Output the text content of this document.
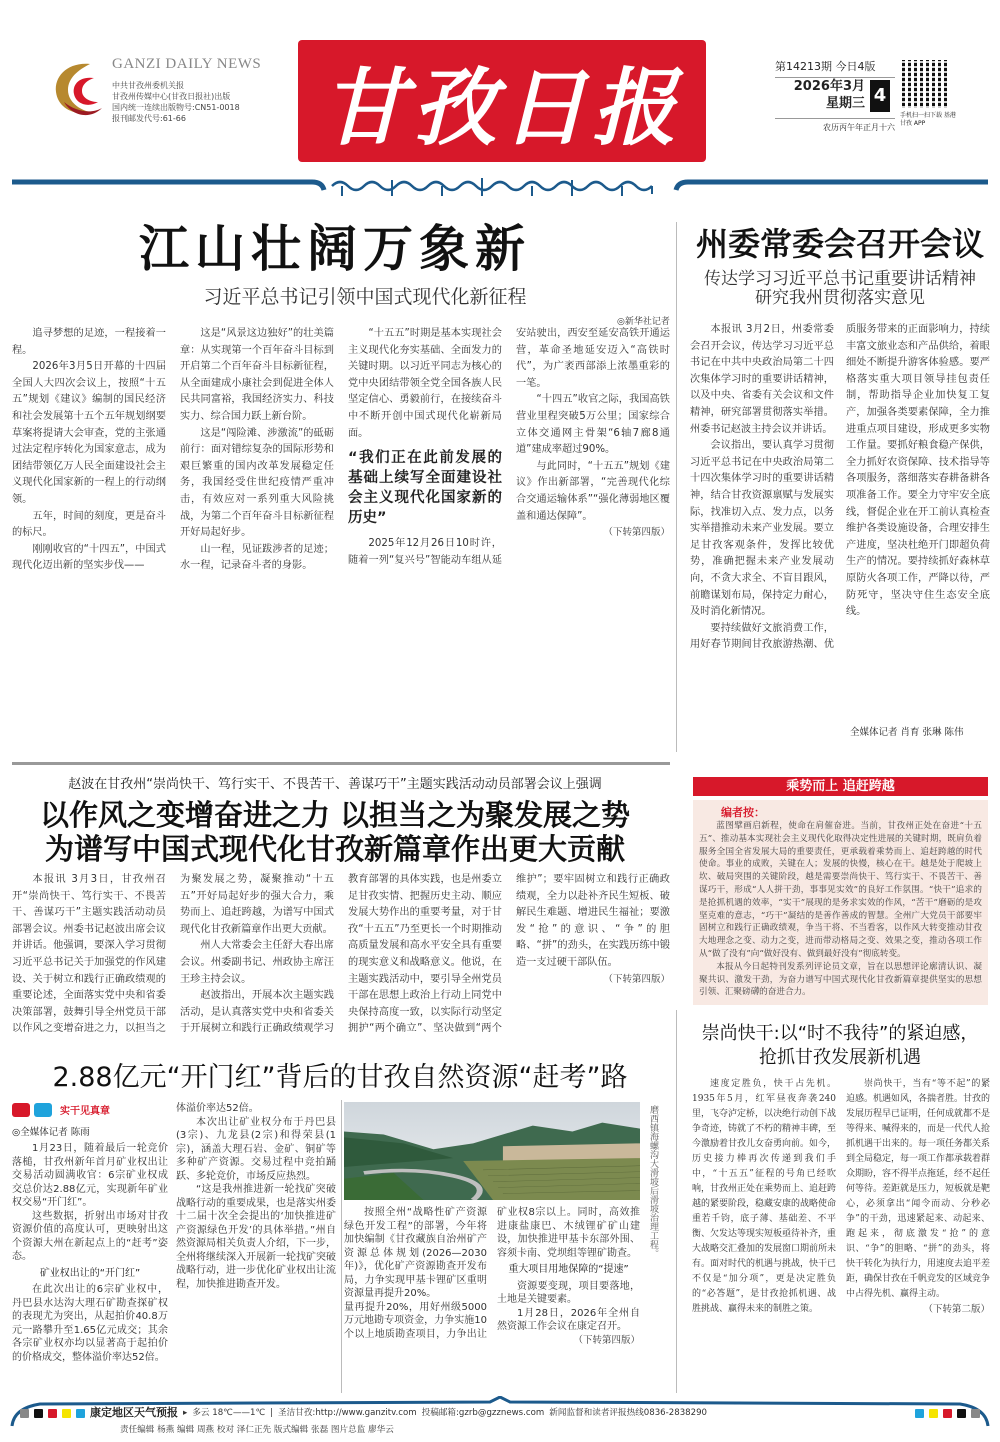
GANZI DAILY NEWS
中共甘孜州委机关报
甘孜州传媒中心(甘孜日报社)出版
国内统一连续出版物号:CN51-0018
报刊邮发代号:61-66	甘孜日报	第14213期 今日4版
2026年3月
星期三 4
农历丙午年正月十六
手机扫一扫下载 基港甘孜 APP
江山壮阔万象新
习近平总书记引领中国式现代化新征程
◎新华社记者

追寻梦想的足迹，一程接着一程。

2026年3月5日开幕的十四届全国人大四次会议上，按照“十五五”规划《建议》编制的国民经济和社会发展第十五个五年规划纲要草案将提请大会审查，党的主张通过法定程序转化为国家意志，成为团结带领亿万人民全面建设社会主义现代化国家新的一程上的行动纲领。

五年，时间的刻度，更是奋斗的标尺。

刚刚收官的“十四五”，中国式现代化迈出新的坚实步伐——

这是“风景这边独好”的壮美篇章：从实现第一个百年奋斗目标到开启第二个百年奋斗目标新征程，从全面建成小康社会到促进全体人民共同富裕，我国经济实力、科技实力、综合国力跃上新台阶。

这是“闯险滩、涉激流”的砥砺前行：面对错综复杂的国际形势和艰巨繁重的国内改革发展稳定任务，我国经受住世纪疫情严重冲击，有效应对一系列重大风险挑战，为第二个百年奋斗目标新征程开好局起好步。

山一程，见证跋涉者的足迹；水一程，记录奋斗者的身影。

“十五五”时期是基本实现社会主义现代化夯实基础、全面发力的关键时期。以习近平同志为核心的党中央团结带领全党全国各族人民坚定信心、勇毅前行，在接续奋斗中不断开创中国式现代化崭新局面。

“我们正在此前发展的基础上续写全面建设社会主义现代化国家新的历史”

2025年12月26日10时许，随着一列“复兴号”智能动车组从延安站驶出，西安至延安高铁开通运营，革命圣地延安迈入“高铁时代”，为广袤西部添上浓墨重彩的一笔。

“十四五”收官之际，我国高铁营业里程突破5万公里；国家综合立体交通网主骨架“6轴7廊8通道”建成率超过90%。

与此同时，“十五五”规划《建议》作出新部署，“完善现代化综合交通运输体系”“强化薄弱地区覆盖和通达保障”。

（下转第四版）
州委常委会召开会议
传达学习习近平总书记重要讲话精神
研究我州贯彻落实意见

本报讯 3月2日，州委常委会召开会议，传达学习习近平总书记在中共中央政治局第二十四次集体学习时的重要讲话精神，以及中央、省委有关会议和文件精神，研究部署贯彻落实举措。州委书记赵波主持会议并讲话。

会议指出，要认真学习贯彻习近平总书记在中央政治局第二十四次集体学习时的重要讲话精神，结合甘孜资源禀赋与发展实际，找准切入点、发力点，以务实举措推动未来产业发展。要立足甘孜客观条件，发挥比较优势，准确把握未来产业发展动向，不贪大求全、不盲目跟风，前瞻谋划布局，保持定力耐心，及时消化新情况。

要持续做好文旅消费工作，用好春节期间甘孜旅游热潮、优质服务带来的正面影响力，持续丰富文旅业态和产品供给，着眼细处不断提升游客体验感。要严格落实重大项目领导挂包责任制，帮助指导企业加快复工复产，加强各类要素保障，全力推进重点项目建设，形成更多实物工作量。要抓好粮食稳产保供，全力抓好农资保障、技术指导等各项服务，落细落实春耕备耕各项准备工作。要全力守牢安全底线，督促企业在开工前认真检查维护各类设施设备，合理安排生产进度，坚决杜绝开门即超负荷生产的情况。要持续抓好森林草原防火各项工作，严降以待，严防死守，坚决守住生态安全底线。

全媒体记者 肖育 张琳 陈伟
赵波在甘孜州“崇尚快干、笃行实干、不畏苦干、善谋巧干”主题实践活动动员部署会议上强调
以作风之变增奋进之力 以担当之为聚发展之势
为谱写中国式现代化甘孜新篇章作出更大贡献

本报讯 3月3日，甘孜州召开“崇尚快干、笃行实干、不畏苦干、善谋巧干”主题实践活动动员部署会议。州委书记赵波出席会议并讲话。他强调，要深入学习贯彻习近平总书记关于加强党的作风建设、关于树立和践行正确政绩观的重要论述，全面落实党中央和省委决策部署，鼓舞引导全州党员干部以作风之变增奋进之力，以担当之为聚发展之势，凝聚推动“十五五”开好局起好步的强大合力，乘势而上、追赶跨越，为谱写中国式现代化甘孜新篇章作出更大贡献。

州人大常委会主任舒大春出席会议。州委副书记、州政协主席汪王珍主持会议。

赵波指出，开展本次主题实践活动，是认真落实党中央和省委关于开展树立和践行正确政绩观学习教育部署的具体实践，也是州委立足甘孜实情、把握历史主动、顺应发展大势作出的重要考量，对于甘孜“十五五”乃至更长一个时期推动高质量发展和高水平安全具有重要的现实意义和战略意义。他说，在主题实践活动中，要引导全州党员干部在思想上政治上行动上同党中央保持高度一致，以实际行动坚定拥护“两个确立”、坚决做到“两个维护”；要牢固树立和践行正确政绩观，全力以赴补齐民生短板、破解民生难题、增进民生福祉；要激发“抢”的意识、“争”的胆略、“拼”的劲头，在实践历练中锻造一支过硬干部队伍。

（下转第四版）
乘势而上 追赶跨越
编者按：

蓝图擘画启新程，使命在肩催奋进。当前，甘孜州正处在奋进“十五五”、推动基本实现社会主义现代化取得决定性进展的关键时期，既肩负着服务全国全省发展大局的重要责任，更承载着乘势而上、追赶跨越的时代使命。事业的成败，关键在人；发展的快慢，核心在干。越是处于爬坡上坎、破局突围的关键阶段，越是需要崇尚快干、笃行实干、不畏苦干、善谋巧干，形成“人人拼干劲，事事见实效”的良好工作氛围。“快干”追求的是抢抓机遇的效率，“实干”展现的是务求实效的作风，“苦干”磨砺的是攻坚克难的意志，“巧干”凝结的是善作善成的智慧。全州广大党员干部要牢固树立和践行正确政绩观，争当干将、不当看客，以作风大转变推动甘孜大地理念之变、动力之变，进而带动格局之变、效果之变，推动各项工作从“做了没有”向“做好没有、做到最好没有”彻底转变。

本报从今日起特刊发系列评论员文章，旨在以思想评论廓清认识、凝聚共识、激发干劲，为奋力谱写中国式现代化甘孜新篇章提供坚实的思想引领、汇聚磅礴的奋进合力。

崇尚快干:以“时不我待”的紧迫感，
抢抓甘孜发展新机遇

速度定胜负，快干占先机。1935年5月，红军昼夜奔袭240里，飞夺泸定桥，以决绝行动创下战争奇迹，铸就了不朽的精神丰碑，至今激励着甘孜儿女奋勇向前。如今，历史接力棒再次传递到我们手中，“十五五”征程的号角已经吹响，甘孜州正处在乘势而上、追赶跨越的紧要阶段，稳藏安康的战略使命重若千钧，底子薄、基础差、不平衡、欠发达等现实短板亟待补齐，重大战略交汇叠加的发展窗口期前所未有。面对时代的机遇与挑战，快干已不仅是“加分项”，更是决定胜负的“必答题”，是甘孜抢抓机遇、战胜挑战、赢得未来的制胜之策。

崇尚快干，当有“等不起”的紧迫感。机遇如风，各揣者胜。甘孜的发展历程早已证明，任何成就都不是等得来、喊得来的，而是一代代人抢抓机遇干出来的。每一项任务都关系到全局稳定，每一项工作都承载着群众期盼，容不得半点拖延，经不起任何等待。差距就是压力，短板就是靶心，必须拿出“闻令而动、分秒必争”的干劲，迅速紧起来、动起来、跑起来，彻底激发“抢”的意识、“争”的胆略、“拼”的劲头，将快干转化为执行力，用速度去追平差距，确保甘孜在千帆竞发的区域竞争中占得先机、赢得主动。

（下转第二版）
2.88亿元“开门红”背后的甘孜自然资源“赶考”路
实干见真章
◎全媒体记者 陈雨

1月23日，随着最后一轮竞价落槌，甘孜州新年首月矿业权出让交易活动圆满收官：6宗矿业权成交总价达2.88亿元，实现新年矿业权交易“开门红”。

这些数据，折射出市场对甘孜资源价值的高度认可，更映射出这个资源大州在新起点上的“赶考”姿态。

矿业权出让的“开门红”

在此次出让的6宗矿业权中，丹巴县水达沟大理石矿勘查探矿权的表现尤为突出，从起拍价40.8万元一路攀升至1.65亿元成交；其余各宗矿业权亦均以显著高于起拍价的价格成交，整体溢价率达52倍。

体溢价率达52倍。

本次出让矿业权分布于丹巴县(3宗)、九龙县(2宗)和得荣县(1宗)，涵盖大理石岩、金矿、铜矿等多种矿产资源。交易过程中竞拍踊跃、多轮竞价，市场反应热烈。

“这是我州推进新一轮找矿突破战略行动的重要成果，也是落实州委十二届十次全会提出的‘加快推进矿产资源绿色开发’的具体举措。”州自然资源局相关负责人介绍，下一步，全州将继续深入开展新一轮找矿突破战略行动，进一步优化矿业权出让流程，加快推进勘查开发。

磨西镇海螺沟大滑坡后滑坡治理工程。

按照全州“战略性矿产资源绿色开发工程”的部署，今年将加快编制《甘孜藏族自治州矿产资源总体规划(2026—2030年)》，优化矿产资源勘查开发布局，力争实现甲基卡锂矿区重明资源量再提升20%。

量再提升20%，用好州级5000万元地勘专项资金，力争实施10个以上地质勘查项目，力争出让矿业权8宗以上。同时，高效推进康盐康巴、木绒锂矿矿山建设，加快推进甲基卡东部外围、容须卡南、党坝组等锂矿勘查。

重大项目用地保障的“提速”

资源要变现，项目要落地，土地是关键要素。

1月28日，2026年全州自然资源工作会议在康定召开。

（下转第四版）
康定地区天气预报 ▸ 多云 18℃——1℃ | 圣洁甘孜:http://www.ganzitv.com 投稿邮箱:gzrb@gzznews.com 新闻监督和读者评报热线0836-2838290
责任编辑 杨燕 编辑 周燕 校对 泽仁正先 版式编辑 张磊 图片总监 廖华云
